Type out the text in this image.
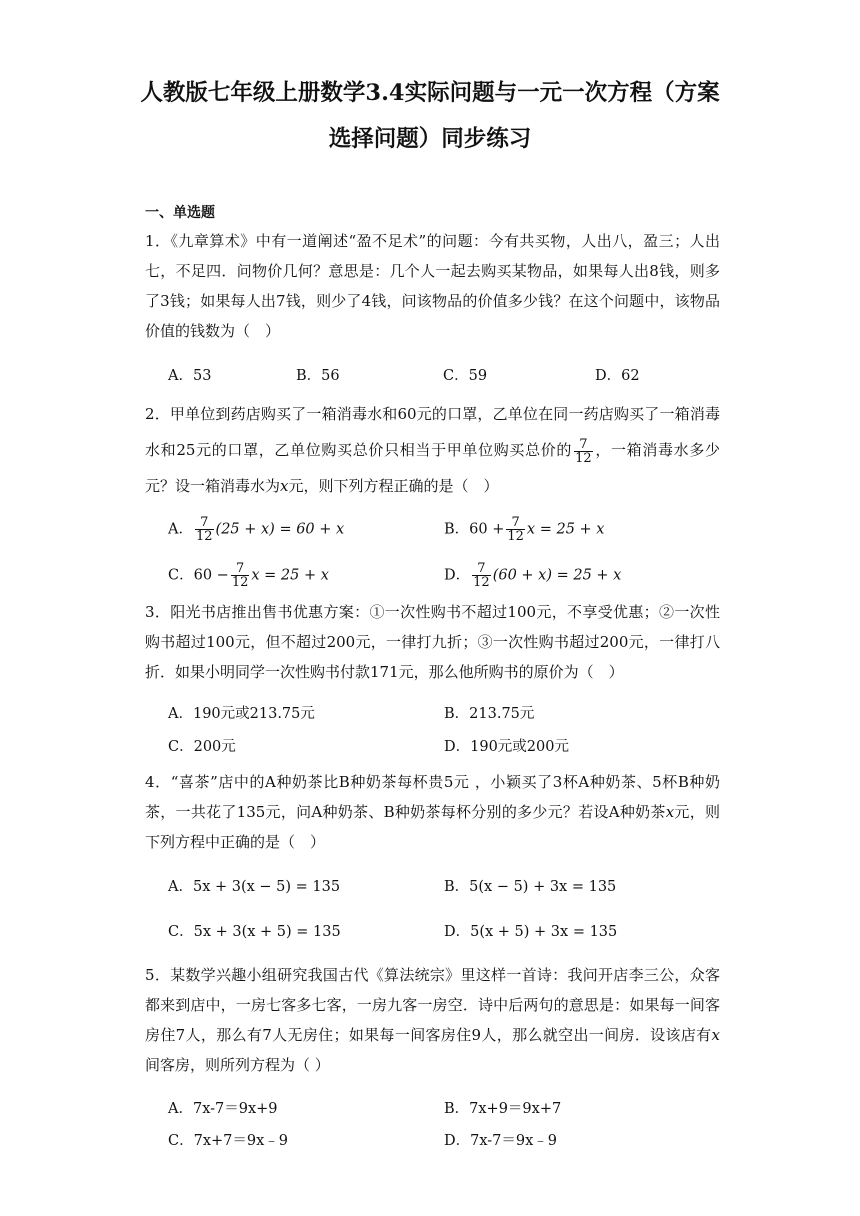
人教版七年级上册数学3.4实际问题与一元一次方程（方案
选择问题）同步练习
一、单选题
1．《九章算术》中有一道阐述“盈不足术”的问题：今有共买物，人出八，盈三；人出七，不足四．问物价几何？意思是：几个人一起去购买某物品，如果每人出8钱，则多了3钱；如果每人出7钱，则少了4钱，问该物品的价值多少钱？在这个问题中，该物品价值的钱数为（　）
A．53	B．56	C．59	D．62
2．甲单位到药店购买了一箱消毒水和60元的口罩，乙单位在同一药店购买了一箱消毒水和25元的口罩，乙单位购买总价只相当于甲单位购买总价的 $\frac{7}{12}$ ，一箱消毒水多少元？设一箱消毒水为x元，则下列方程正确的是（　）
A． $\frac{7}{12} (25 + x) = 60 + x$	B．$60 + \frac{7}{12}$ x = 25 + x
C．$60 - \frac{7}{12}$ x = 25 + x	D． $\frac{7}{12} (60 + x) = 25 + x$
3．阳光书店推出售书优惠方案：①一次性购书不超过100元，不享受优惠；②一次性购书超过100元，但不超过200元，一律打九折；③一次性购书超过200元，一律打八折．如果小明同学一次性购书付款171元，那么他所购书的原价为（　）
A．190元或213.75元	B．213.75元
C．200元	D．190元或200元
4．“喜茶”店中的A种奶茶比B种奶茶每杯贵5元 ，小颖买了3杯A种奶茶、5杯B种奶茶，一共花了135元，问A种奶茶、B种奶茶每杯分别的多少元？若设A种奶茶x元，则下列方程中正确的是（　）
A．5x + 3(x − 5) = 135	B．5(x − 5) + 3x = 135
C．5x + 3(x + 5) = 135	D．5(x + 5) + 3x = 135
5．某数学兴趣小组研究我国古代《算法统宗》里这样一首诗：我问开店李三公，众客都来到店中，一房七客多七客，一房九客一房空．诗中后两句的意思是：如果每一间客房住7人，那么有7人无房住；如果每一间客房住9人，那么就空出一间房．设该店有x间客房，则所列方程为（ ）
A．7x-7＝9x+9	B．7x+9＝9x+7
C．7x+7＝9x﹣9	D．7x-7＝9x﹣9
